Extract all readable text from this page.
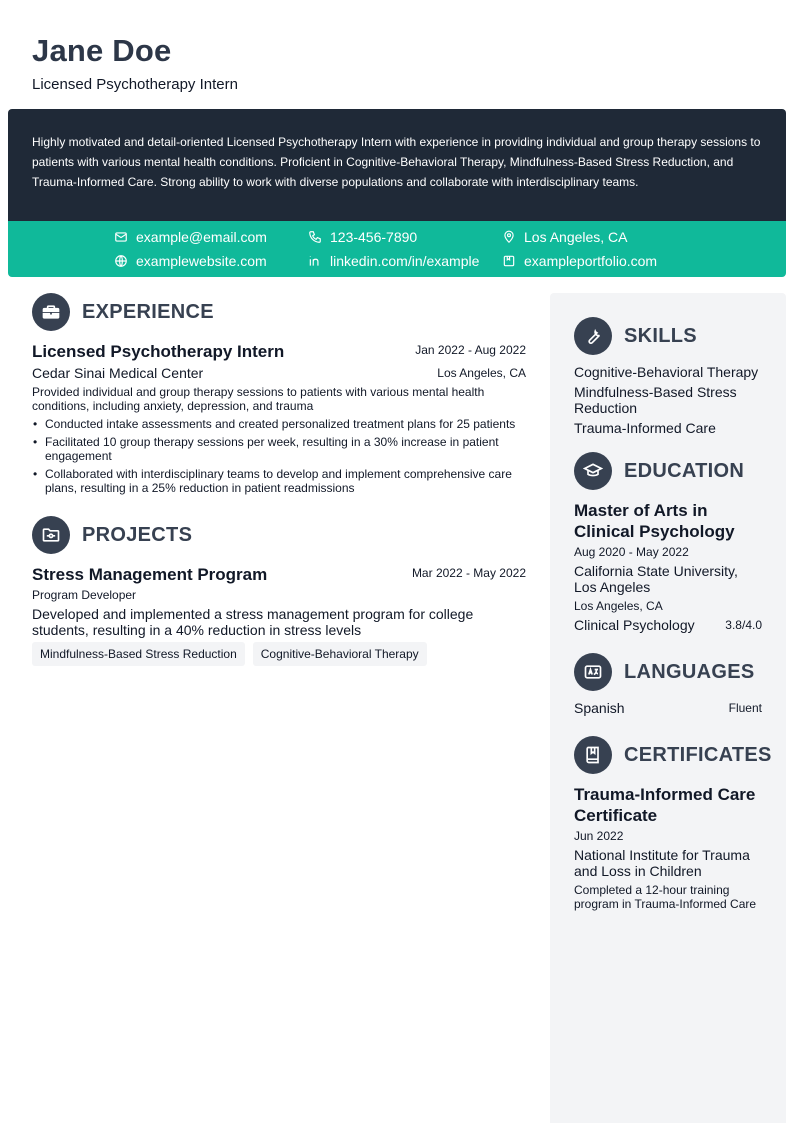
Jane Doe
Licensed Psychotherapy Intern

Highly motivated and detail-oriented Licensed Psychotherapy Intern with experience in providing individual and group therapy sessions to patients with various mental health conditions. Proficient in Cognitive-Behavioral Therapy, Mindfulness-Based Stress Reduction, and Trauma-Informed Care. Strong ability to work with diverse populations and collaborate with interdisciplinary teams.

example@email.com	123-456-7890	Los Angeles, CA
examplewebsite.com	linkedin.com/in/example	exampleportfolio.com
EXPERIENCE
Licensed Psychotherapy Intern	Jan 2022 - Aug 2022
Cedar Sinai Medical Center	Los Angeles, CA
Provided individual and group therapy sessions to patients with various mental health conditions, including anxiety, depression, and trauma
• Conducted intake assessments and created personalized treatment plans for 25 patients
• Facilitated 10 group therapy sessions per week, resulting in a 30% increase in patient engagement
• Collaborated with interdisciplinary teams to develop and implement comprehensive care plans, resulting in a 25% reduction in patient readmissions
PROJECTS
Stress Management Program	Mar 2022 - May 2022
Program Developer
Developed and implemented a stress management program for college students, resulting in a 40% reduction in stress levels
Mindfulness-Based Stress Reduction Cognitive-Behavioral Therapy
SKILLS
Cognitive-Behavioral Therapy
Mindfulness-Based Stress Reduction
Trauma-Informed Care
EDUCATION
Master of Arts in Clinical Psychology
Aug 2020 - May 2022
California State University, Los Angeles
Los Angeles, CA
Clinical Psychology	3.8/4.0
LANGUAGES
Spanish	Fluent
CERTIFICATES
Trauma-Informed Care Certificate
Jun 2022
National Institute for Trauma and Loss in Children
Completed a 12-hour training program in Trauma-Informed Care
